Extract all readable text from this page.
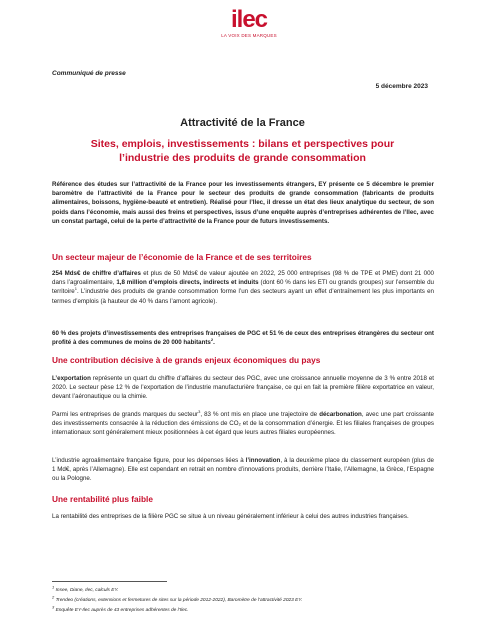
ilec
LA VOIX DES MARQUES
Communiqué de presse
5 décembre 2023
Attractivité de la France
Sites, emplois, investissements : bilans et perspectives pour l’industrie des produits de grande consommation

Référence des études sur l’attractivité de la France pour les investissements étrangers, EY présente ce 5 décembre le premier baromètre de l’attractivité de la France pour le secteur des produits de grande consommation (fabricants de produits alimentaires, boissons, hygiène-beauté et entretien). Réalisé pour l’Ilec, il dresse un état des lieux analytique du secteur, de son poids dans l’économie, mais aussi des freins et perspectives, issus d’une enquête auprès d’entreprises adhérentes de l’Ilec, avec un constat partagé, celui de la perte d’attractivité de la France pour de futurs investissements.

Un secteur majeur de l’économie de la France et de ses territoires

254 Mds€ de chiffre d’affaires et plus de 50 Mds€ de valeur ajoutée en 2022, 25 000 entreprises (98 % de TPE et PME) dont 21 000 dans l’agroalimentaire, 1,8 million d’emplois directs, indirects et induits (dont 60 % dans les ETI ou grands groupes) sur l’ensemble du territoire$^1$. L’industrie des produits de grande consommation forme l’un des secteurs ayant un effet d’entraînement les plus importants en termes d’emplois (à hauteur de 40 % dans l’amont agricole).

60 % des projets d’investissements des entreprises françaises de PGC et 51 % de ceux des entreprises étrangères du secteur ont profité à des communes de moins de 20 000 habitants$^2$.

Une contribution décisive à de grands enjeux économiques du pays

L’exportation représente un quart du chiffre d’affaires du secteur des PGC, avec une croissance annuelle moyenne de 3 % entre 2018 et 2020. Le secteur pèse 12 % de l’exportation de l’industrie manufacturière française, ce qui en fait la première filière exportatrice en valeur, devant l’aéronautique ou la chimie.

Parmi les entreprises de grands marques du secteur$^3$, 83 % ont mis en place une trajectoire de décarbonation, avec une part croissante des investissements consacrée à la réduction des émissions de CO₂ et de la consommation d’énergie. Et les filiales françaises de groupes internationaux sont généralement mieux positionnées à cet égard que leurs autres filiales européennes.

L’industrie agroalimentaire française figure, pour les dépenses liées à l’innovation, à la deuxième place du classement européen (plus de 1 Md€, après l’Allemagne). Elle est cependant en retrait en nombre d’innovations produits, derrière l’Italie, l’Allemagne, la Grèce, l’Espagne ou la Pologne.

Une rentabilité plus faible

La rentabilité des entreprises de la filière PGC se situe à un niveau généralement inférieur à celui des autres industries françaises.

$^1$ Insee, Diane, Ilec, calculs EY.
$^2$ Trendeo (créations, extensions et fermetures de sites sur la période 2012-2022), Baromètre de l’attractivité 2023 EY.
$^3$ Enquête EY-Ilec auprès de 43 entreprises adhérentes de l’Ilec.
